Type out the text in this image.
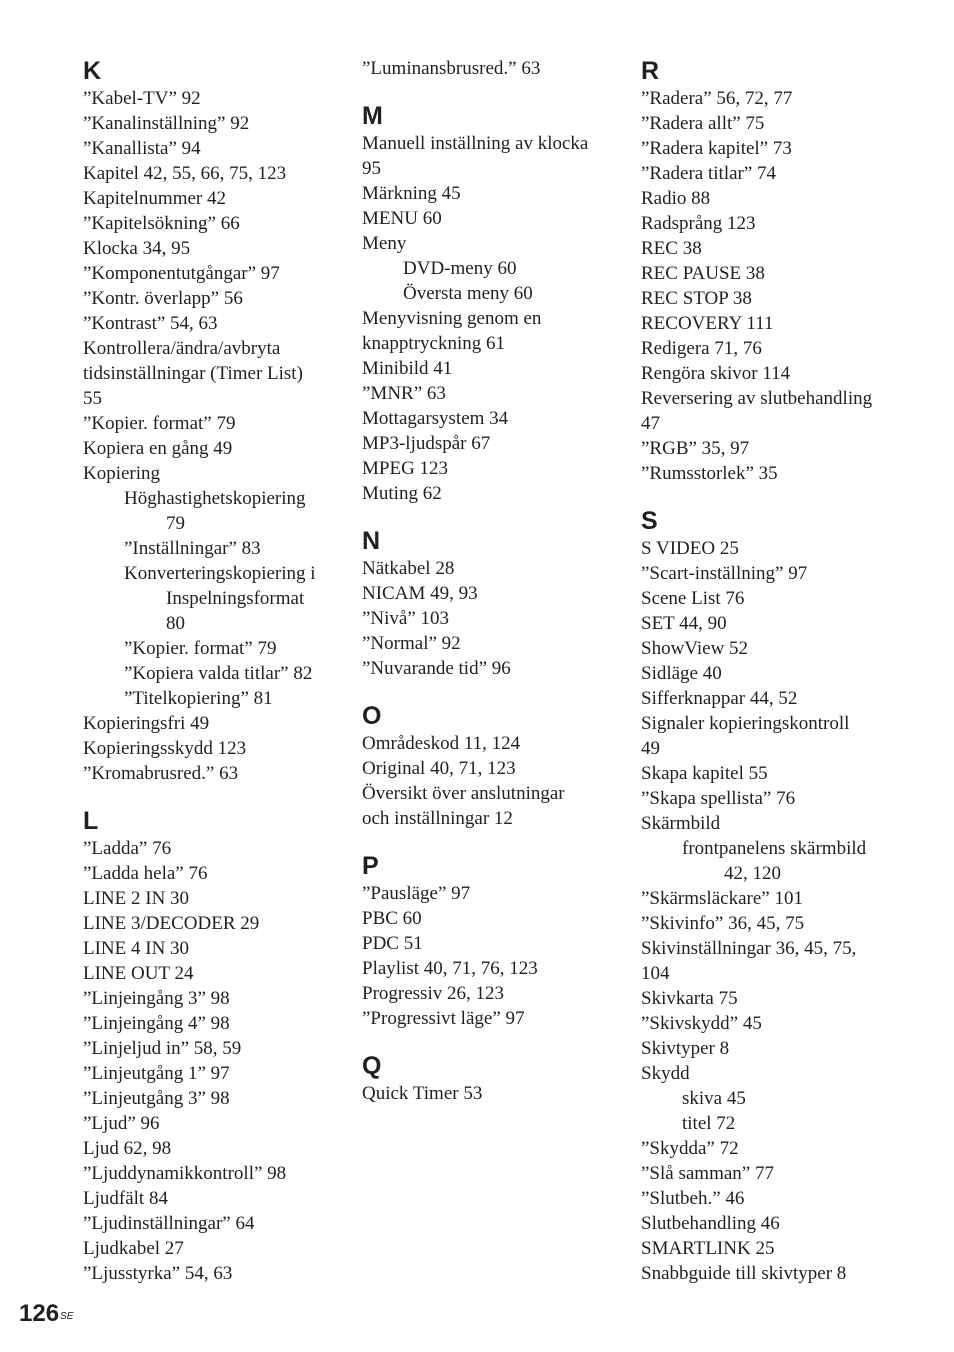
K
”Kabel-TV” 92
”Kanalinställning” 92
”Kanallista” 94
Kapitel 42, 55, 66, 75, 123
Kapitelnummer 42
”Kapitelsökning” 66
Klocka 34, 95
”Komponentutgångar” 97
”Kontr. överlapp” 56
”Kontrast” 54, 63
Kontrollera/ändra/avbryta
tidsinställningar (Timer List)
55
”Kopier. format” 79
Kopiera en gång 49
Kopiering
Höghastighetskopiering
79
”Inställningar” 83
Konverteringskopiering i
Inspelningsformat
80
”Kopier. format” 79
”Kopiera valda titlar” 82
”Titelkopiering” 81
Kopieringsfri 49
Kopieringsskydd 123
”Kromabrusred.” 63
L
”Ladda” 76
”Ladda hela” 76
LINE 2 IN 30
LINE 3/DECODER 29
LINE 4 IN 30
LINE OUT 24
”Linjeingång 3” 98
”Linjeingång 4” 98
”Linjeljud in” 58, 59
”Linjeutgång 1” 97
”Linjeutgång 3” 98
”Ljud” 96
Ljud 62, 98
”Ljuddynamikkontroll” 98
Ljudfält 84
”Ljudinställningar” 64
Ljudkabel 27
”Ljusstyrka” 54, 63
”Luminansbrusred.” 63
M
Manuell inställning av klocka
95
Märkning 45
MENU 60
Meny
DVD-meny 60
Översta meny 60
Menyvisning genom en
knapptryckning 61
Minibild 41
”MNR” 63
Mottagarsystem 34
MP3-ljudspår 67
MPEG 123
Muting 62
N
Nätkabel 28
NICAM 49, 93
”Nivå” 103
”Normal” 92
”Nuvarande tid” 96
O
Områdeskod 11, 124
Original 40, 71, 123
Översikt över anslutningar
och inställningar 12
P
”Pausläge” 97
PBC 60
PDC 51
Playlist 40, 71, 76, 123
Progressiv 26, 123
”Progressivt läge” 97
Q
Quick Timer 53
R
”Radera” 56, 72, 77
”Radera allt” 75
”Radera kapitel” 73
”Radera titlar” 74
Radio 88
Radsprång 123
REC 38
REC PAUSE 38
REC STOP 38
RECOVERY 111
Redigera 71, 76
Rengöra skivor 114
Reversering av slutbehandling
47
”RGB” 35, 97
”Rumsstorlek” 35
S
S VIDEO 25
”Scart-inställning” 97
Scene List 76
SET 44, 90
ShowView 52
Sidläge 40
Sifferknappar 44, 52
Signaler kopieringskontroll
49
Skapa kapitel 55
”Skapa spellista” 76
Skärmbild
frontpanelens skärmbild
42, 120
”Skärmsläckare” 101
”Skivinfo” 36, 45, 75
Skivinställningar 36, 45, 75,
104
Skivkarta 75
”Skivskydd” 45
Skivtyper 8
Skydd
skiva 45
titel 72
”Skydda” 72
”Slå samman” 77
”Slutbeh.” 46
Slutbehandling 46
SMARTLINK 25
Snabbguide till skivtyper 8
$126^{SE}$
